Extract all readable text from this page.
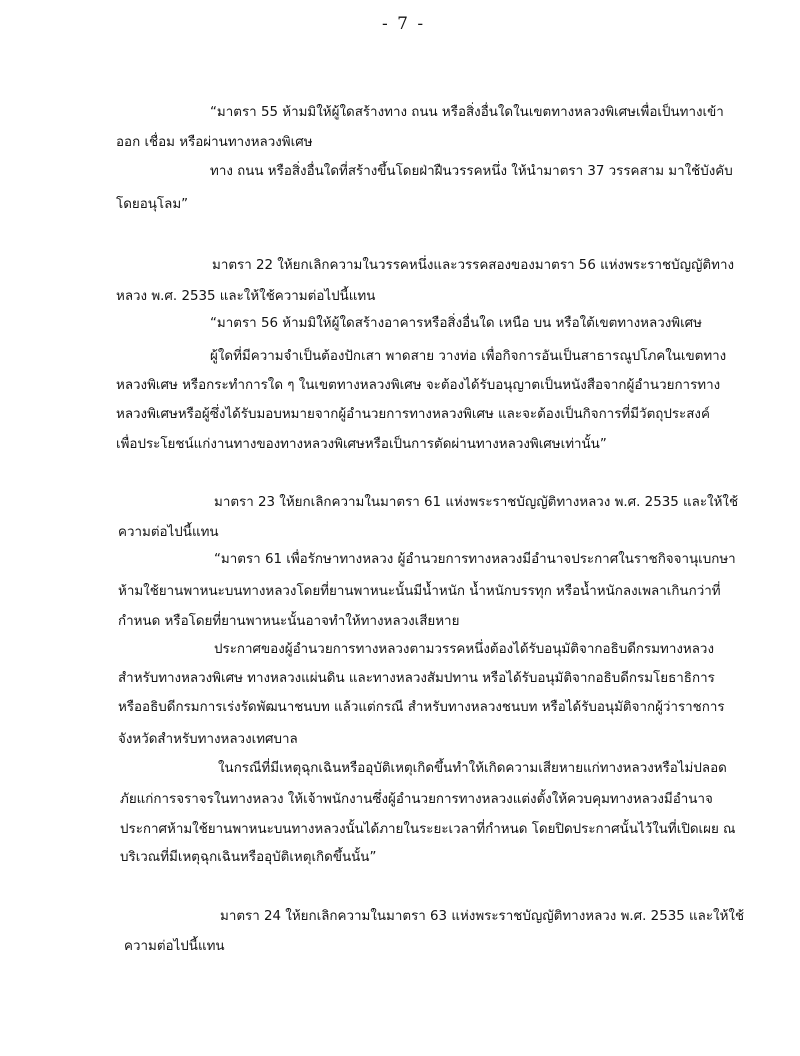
- 7 -
“มาตรา 55 ห้ามมิให้ผู้ใดสร้างทาง ถนน หรือสิ่งอื่นใดในเขตทางหลวงพิเศษเพื่อเป็นทางเข้า
ออก เชื่อม หรือผ่านทางหลวงพิเศษ
ทาง ถนน หรือสิ่งอื่นใดที่สร้างขึ้นโดยฝ่าฝืนวรรคหนึ่ง ให้นำมาตรา 37 วรรคสาม มาใช้บังคับ
โดยอนุโลม”
มาตรา 22 ให้ยกเลิกความในวรรคหนึ่งและวรรคสองของมาตรา 56 แห่งพระราชบัญญัติทาง
หลวง พ.ศ. 2535 และให้ใช้ความต่อไปนี้แทน
“มาตรา 56 ห้ามมิให้ผู้ใดสร้างอาคารหรือสิ่งอื่นใด เหนือ บน หรือใต้เขตทางหลวงพิเศษ
ผู้ใดที่มีความจำเป็นต้องปักเสา พาดสาย วางท่อ เพื่อกิจการอันเป็นสาธารณูปโภคในเขตทาง
หลวงพิเศษ หรือกระทำการใด ๆ ในเขตทางหลวงพิเศษ จะต้องได้รับอนุญาตเป็นหนังสือจากผู้อำนวยการทาง
หลวงพิเศษหรือผู้ซึ่งได้รับมอบหมายจากผู้อำนวยการทางหลวงพิเศษ และจะต้องเป็นกิจการที่มีวัตถุประสงค์
เพื่อประโยชน์แก่งานทางของทางหลวงพิเศษหรือเป็นการตัดผ่านทางหลวงพิเศษเท่านั้น”
มาตรา 23 ให้ยกเลิกความในมาตรา 61 แห่งพระราชบัญญัติทางหลวง พ.ศ. 2535 และให้ใช้
ความต่อไปนี้แทน
“มาตรา 61 เพื่อรักษาทางหลวง ผู้อำนวยการทางหลวงมีอำนาจประกาศในราชกิจจานุเบกษา
ห้ามใช้ยานพาหนะบนทางหลวงโดยที่ยานพาหนะนั้นมีน้ำหนัก น้ำหนักบรรทุก หรือน้ำหนักลงเพลาเกินกว่าที่
กำหนด หรือโดยที่ยานพาหนะนั้นอาจทำให้ทางหลวงเสียหาย
ประกาศของผู้อำนวยการทางหลวงตามวรรคหนึ่งต้องได้รับอนุมัติจากอธิบดีกรมทางหลวง
สำหรับทางหลวงพิเศษ ทางหลวงแผ่นดิน และทางหลวงสัมปทาน หรือได้รับอนุมัติจากอธิบดีกรมโยธาธิการ
หรืออธิบดีกรมการเร่งรัดพัฒนาชนบท แล้วแต่กรณี สำหรับทางหลวงชนบท หรือได้รับอนุมัติจากผู้ว่าราชการ
จังหวัดสำหรับทางหลวงเทศบาล
ในกรณีที่มีเหตุฉุกเฉินหรืออุบัติเหตุเกิดขึ้นทำให้เกิดความเสียหายแก่ทางหลวงหรือไม่ปลอด
ภัยแก่การจราจรในทางหลวง ให้เจ้าพนักงานซึ่งผู้อำนวยการทางหลวงแต่งตั้งให้ควบคุมทางหลวงมีอำนาจ
ประกาศห้ามใช้ยานพาหนะบนทางหลวงนั้นได้ภายในระยะเวลาที่กำหนด โดยปิดประกาศนั้นไว้ในที่เปิดเผย ณ
บริเวณที่มีเหตุฉุกเฉินหรืออุบัติเหตุเกิดขึ้นนั้น”
มาตรา 24 ให้ยกเลิกความในมาตรา 63 แห่งพระราชบัญญัติทางหลวง พ.ศ. 2535 และให้ใช้
ความต่อไปนี้แทน
